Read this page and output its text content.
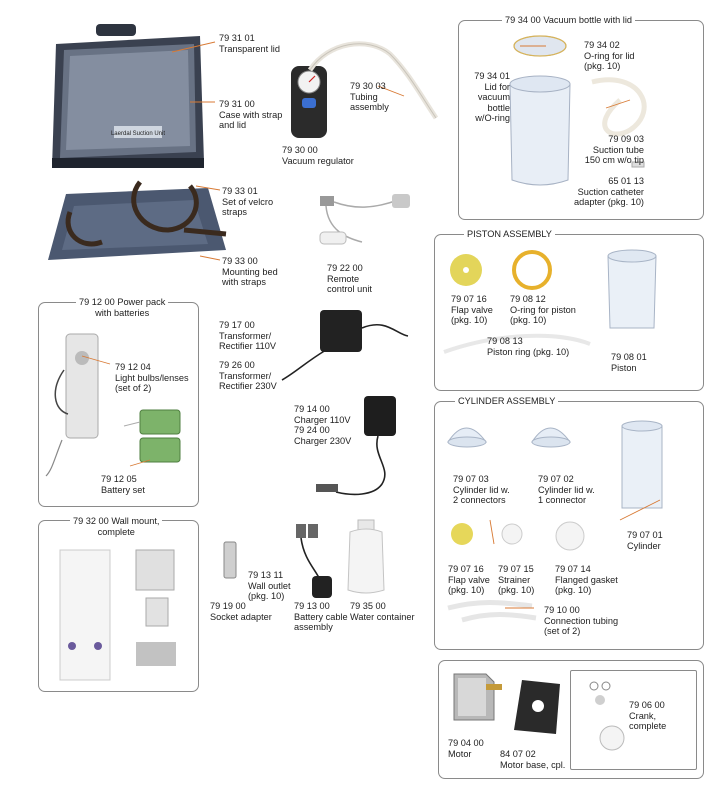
79 34 00 Vacuum bottle with lid
PISTON ASSEMBLY
CYLINDER ASSEMBLY
79 12 00 Power pack
with batteries
79 32 00 Wall mount,
complete
Laerdal Suction Unit
79 31 01
Transparent lid
79 31 00
Case with strap
and lid
79 30 03
Tubing
assembly
79 30 00
Vacuum regulator
79 33 01
Set of velcro
straps
79 33 00
Mounting bed
with straps
79 22 00
Remote
control unit
79 12 04
Light bulbs/lenses
(set of 2)
79 12 05
Battery set
79 17 00
Transformer/
Rectifier 110V
79 26 00
Transformer/
Rectifier 230V
79 14 00
Charger 110V
79 24 00
Charger 230V
79 13 11
Wall outlet
(pkg. 10)
79 19 00
Socket adapter
79 13 00
Battery cable
assembly
79 35 00
Water container
79 34 02
O-ring for lid
(pkg. 10)
79 34 01
Lid for
vacuum
bottle
w/O-ring
79 09 03
Suction tube
150 cm w/o tip
65 01 13
Suction catheter
adapter (pkg. 10)
79 07 16
Flap valve
(pkg. 10)
79 08 12
O-ring for piston
(pkg. 10)
79 08 13
Piston ring (pkg. 10)
79 08 01
Piston
79 07 03
Cylinder lid w.
2 connectors
79 07 02
Cylinder lid w.
1 connector
79 07 01
Cylinder
79 07 16
Flap valve
(pkg. 10)
79 07 15
Strainer
(pkg. 10)
79 07 14
Flanged gasket
(pkg. 10)
79 10 00
Connection tubing
(set of 2)
79 04 00
Motor	84 07 02
Motor base, cpl.
79 06 00
Crank,
complete
